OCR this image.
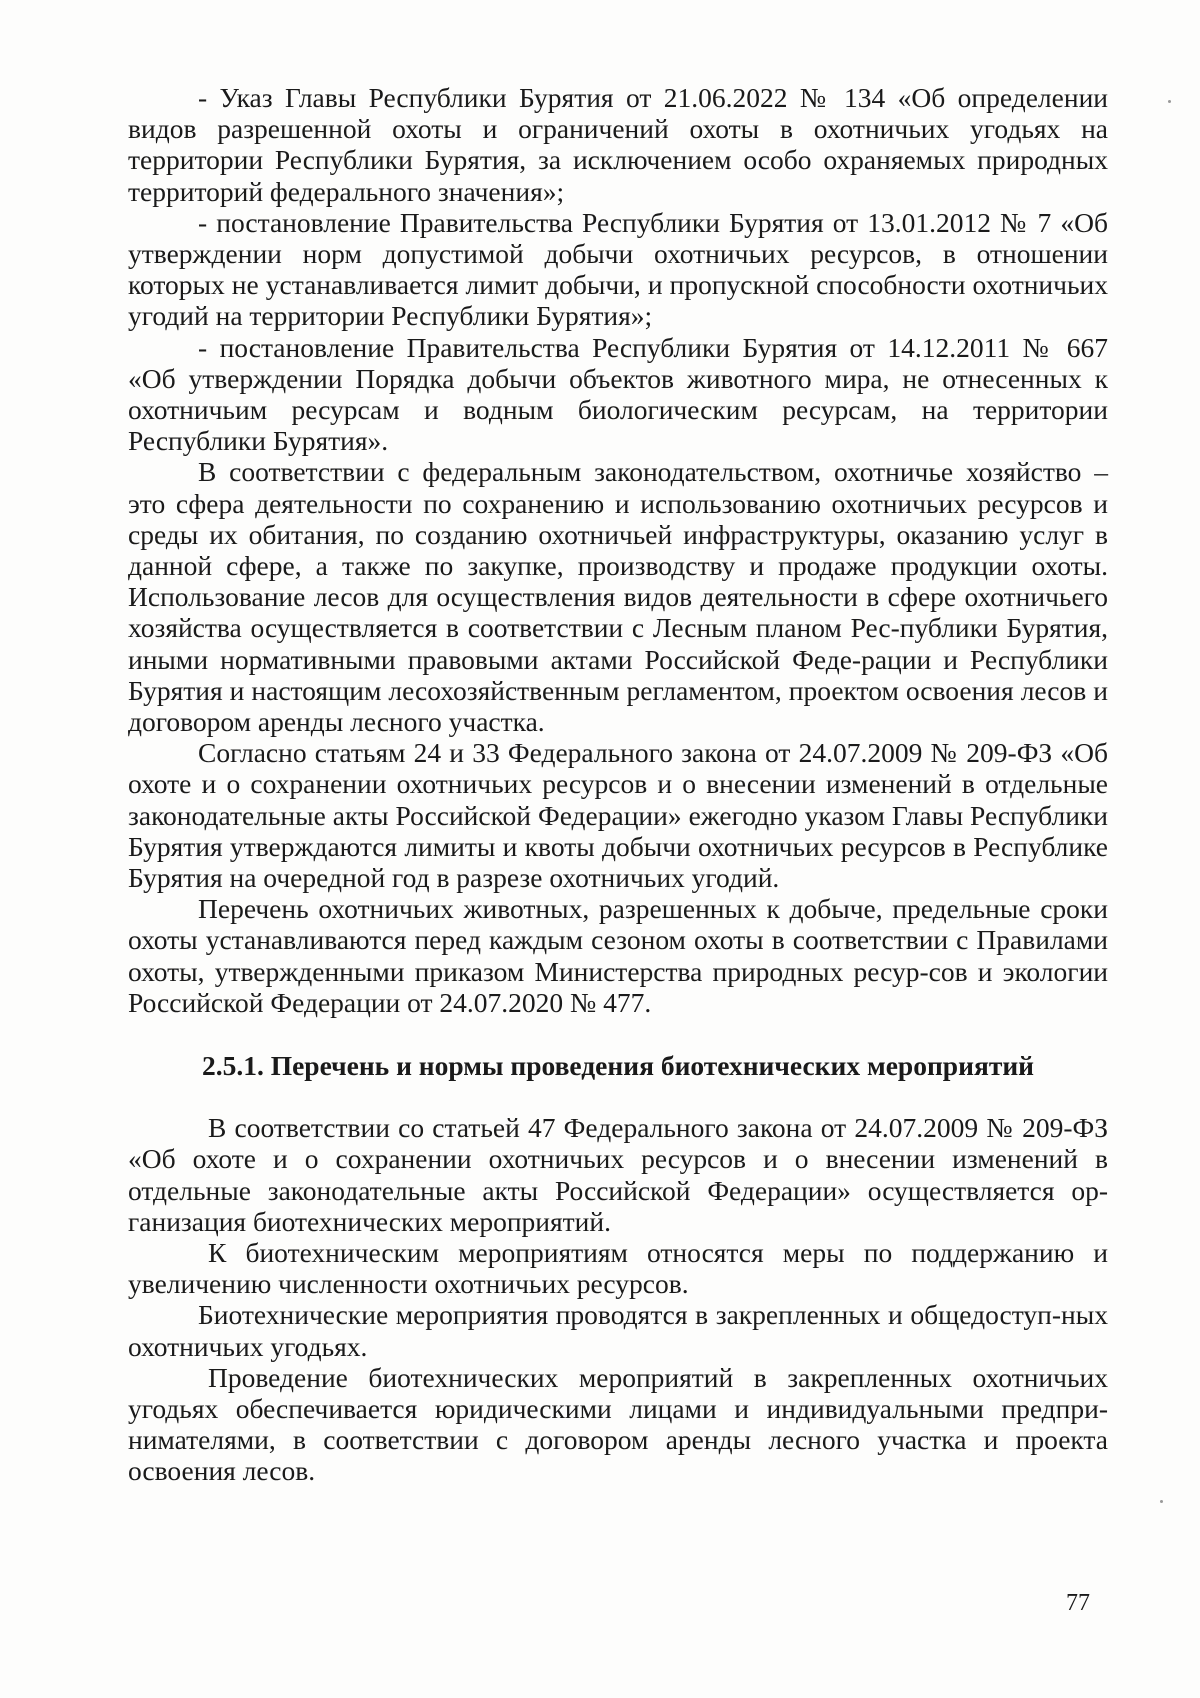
- Указ Главы Республики Бурятия от 21.06.2022 № 134 «Об определении видов разрешенной охоты и ограничений охоты в охотничьих угодьях на территории Республики Бурятия, за исключением особо охраняемых природных территорий федерального значения»;

- постановление Правительства Республики Бурятия от 13.01.2012 № 7 «Об утверждении норм допустимой добычи охотничьих ресурсов, в отношении которых не устанавливается лимит добычи, и пропускной способности охотничьих угодий на территории Республики Бурятия»;

- постановление Правительства Республики Бурятия от 14.12.2011 № 667 «Об утверждении Порядка добычи объектов животного мира, не отнесенных к охотничьим ресурсам и водным биологическим ресурсам, на территории Республики Бурятия».

В соответствии с федеральным законодательством, охотничье хозяйство – это сфера деятельности по сохранению и использованию охотничьих ресурсов и среды их обитания, по созданию охотничьей инфраструктуры, оказанию услуг в данной сфере, а также по закупке, производству и продаже продукции охоты. Использование лесов для осуществления видов деятельности в сфере охотничьего хозяйства осуществляется в соответствии с Лесным планом Рес-публики Бурятия, иными нормативными правовыми актами Российской Феде-рации и Республики Бурятия и настоящим лесохозяйственным регламентом, проектом освоения лесов и договором аренды лесного участка.

Согласно статьям 24 и 33 Федерального закона от 24.07.2009 № 209-ФЗ «Об охоте и о сохранении охотничьих ресурсов и о внесении изменений в отдельные законодательные акты Российской Федерации» ежегодно указом Главы Республики Бурятия утверждаются лимиты и квоты добычи охотничьих ресурсов в Республике Бурятия на очередной год в разрезе охотничьих угодий.

Перечень охотничьих животных, разрешенных к добыче, предельные сроки охоты устанавливаются перед каждым сезоном охоты в соответствии с Правилами охоты, утвержденными приказом Министерства природных ресур-сов и экологии Российской Федерации от 24.07.2020 № 477.

2.5.1. Перечень и нормы проведения биотехнических мероприятий

В соответствии со статьей 47 Федерального закона от 24.07.2009 № 209-ФЗ «Об охоте и о сохранении охотничьих ресурсов и о внесении изменений в отдельные законодательные акты Российской Федерации» осуществляется ор-ганизация биотехнических мероприятий.

К биотехническим мероприятиям относятся меры по поддержанию и увеличению численности охотничьих ресурсов.

Биотехнические мероприятия проводятся в закрепленных и общедоступ-ных охотничьих угодьях.

Проведение биотехнических мероприятий в закрепленных охотничьих угодьях обеспечивается юридическими лицами и индивидуальными предпри-нимателями, в соответствии с договором аренды лесного участка и проекта освоения лесов.

77
